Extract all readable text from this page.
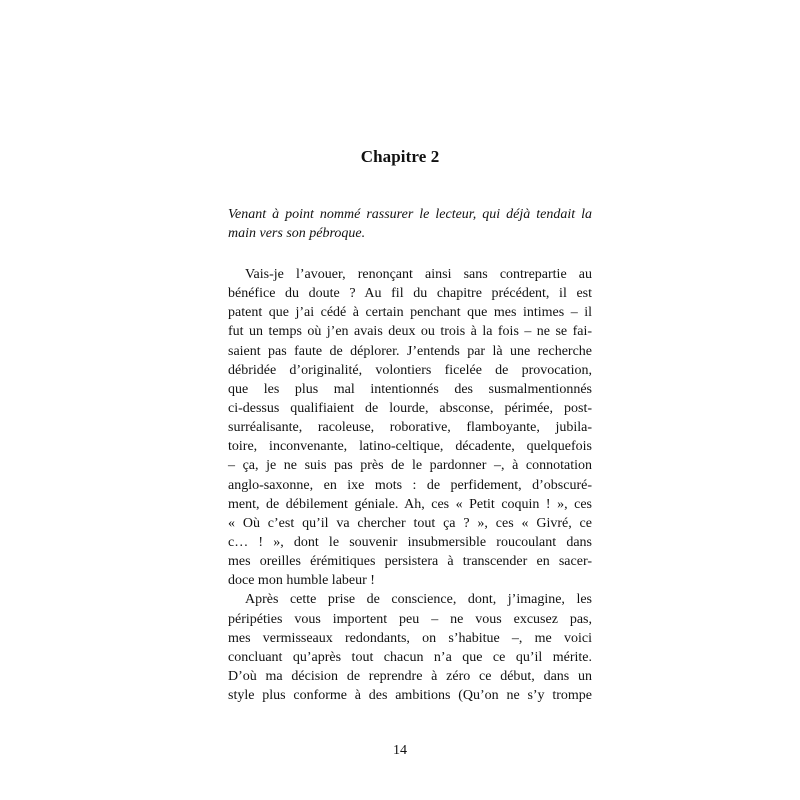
Chapitre 2

Venant à point nommé rassurer le lecteur, qui déjà tendait la
main vers son pébroque.

Vais-je l’avouer, renonçant ainsi sans contrepartie au
bénéfice du doute ? Au fil du chapitre précédent, il est
patent que j’ai cédé à certain penchant que mes intimes – il
fut un temps où j’en avais deux ou trois à la fois – ne se fai-
saient pas faute de déplorer. J’entends par là une recherche
débridée d’originalité, volontiers ficelée de provocation,
que les plus mal intentionnés des susmalmentionnés
ci-dessus qualifiaient de lourde, absconse, périmée, post-
surréalisante, racoleuse, roborative, flamboyante, jubila-
toire, inconvenante, latino-celtique, décadente, quelquefois
– ça, je ne suis pas près de le pardonner –, à connotation
anglo-saxonne, en ixe mots : de perfidement, d’obscuré-
ment, de débilement géniale. Ah, ces « Petit coquin ! », ces
« Où c’est qu’il va chercher tout ça ? », ces « Givré, ce
c… ! », dont le souvenir insubmersible roucoulant dans
mes oreilles érémitiques persistera à transcender en sacer-
doce mon humble labeur !
Après cette prise de conscience, dont, j’imagine, les
péripéties vous importent peu – ne vous excusez pas,
mes vermisseaux redondants, on s’habitue –, me voici
concluant qu’après tout chacun n’a que ce qu’il mérite.
D’où ma décision de reprendre à zéro ce début, dans un
style plus conforme à des ambitions (Qu’on ne s’y trompe
14
